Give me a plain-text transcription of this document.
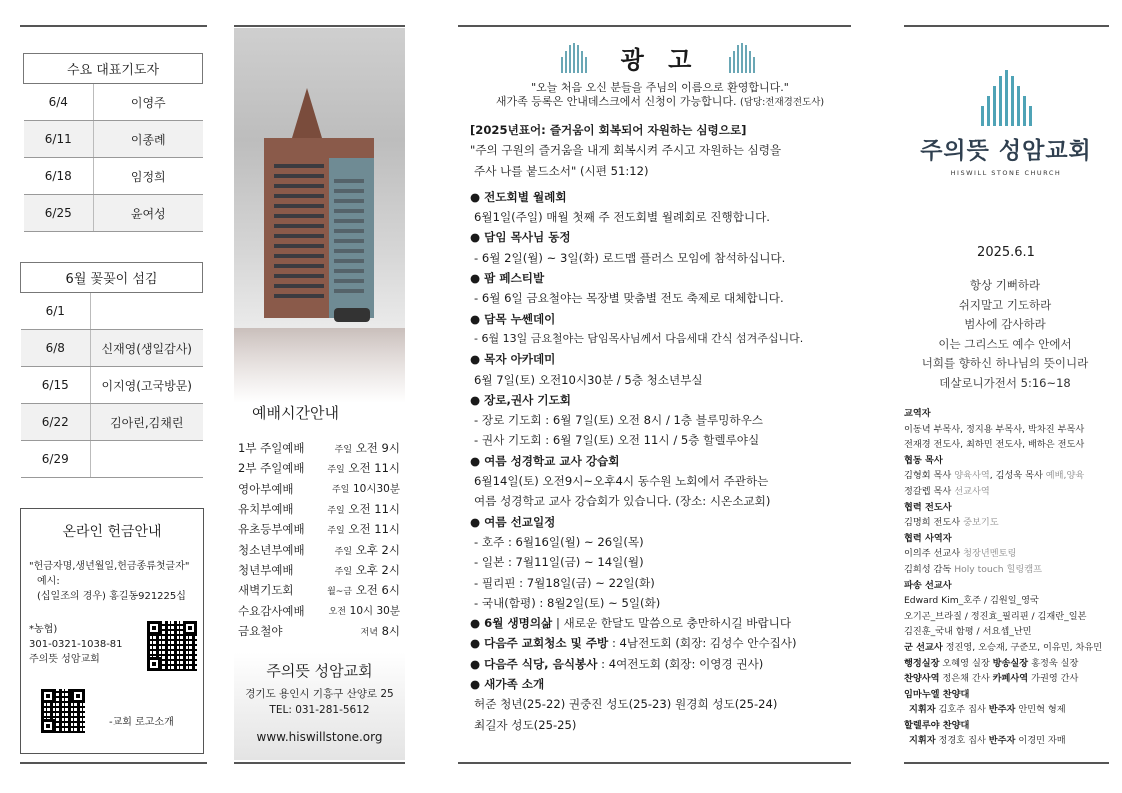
수요 대표기도자	
6/4	이영주
6/11	이종례
6/18	임정희
6/25	윤여성
6월 꽃꽂이 섬김	
6/1	
6/8	신재영(생일감사)
6/15	이지영(고국방문)
6/22	김아린,김채린
6/29	
온라인 헌금안내
"헌금자명,생년월일,헌금종류첫글자"
예시:
(십일조의 경우) 홍길동921225십
*농협)
301-0321-1038-81
주의뜻 성암교회
-교회 로고소개
예배시간안내
1부 주일예배	주일 오전 9시
2부 주일예배	주일 오전 11시
영아부예배	주일 10시30분
유치부예배	주일 오전 11시
유초등부예배	주일 오전 11시
청소년부예배	주일 오후 2시
청년부예배	주일 오후 2시
새벽기도회	월~금 오전 6시
수요감사예배	오전 10시 30분
금요철야	저녁 8시
주의뜻 성암교회
경기도 용인시 기흥구 산양로 25
TEL: 031-281-5612
www.hiswillstone.org
광 고
"오늘 처음 오신 분들을 주님의 이름으로 환영합니다."
새가족 등록은 안내데스크에서 신청이 가능합니다. (담당:전재경전도사)
[2025년표어: 즐거움이 회복되어 자원하는 심령으로]
"주의 구원의 즐거움을 내게 회복시켜 주시고 자원하는 심령을
주사 나를 붙드소서" (시편 51:12)
● 전도회별 월례회
6월1일(주일) 매월 첫째 주 전도회별 월례회로 진행합니다.
● 담임 목사님 동정
- 6월 2일(월) ~ 3일(화) 로드맵 플러스 모임에 참석하십니다.
● 팜 페스티발
- 6월 6일 금요철야는 목장별 맞춤별 전도 축제로 대체합니다.
● 담목 누쎈데이
- 6월 13일 금요철야는 담임목사님께서 다음세대 간식 섬겨주십니다.
● 목자 아카데미
6월 7일(토) 오전10시30분 / 5층 청소년부실
● 장로,권사 기도회
- 장로 기도회 : 6월 7일(토) 오전 8시 / 1층 블루밍하우스
- 권사 기도회 : 6월 7일(토) 오전 11시 / 5층 할렐루야실
● 여름 성경학교 교사 강습회
6월14일(토) 오전9시~오후4시 동수원 노회에서 주관하는
여름 성경학교 교사 강습회가 있습니다. (장소: 시온소교회)
● 여름 선교일정
- 호주 : 6월16일(월) ~ 26일(목)
- 일본 : 7월11일(금) ~ 14일(월)
- 필리핀 : 7월18일(금) ~ 22일(화)
- 국내(함평) : 8월2일(토) ~ 5일(화)
● 6월 생명의삶 | 새로운 한달도 말씀으로 충만하시길 바랍니다
● 다음주 교회청소 및 주방 : 4남전도회 (회장: 김성수 안수집사)
● 다음주 식당, 음식봉사 : 4여전도회 (회장: 이영경 권사)
● 새가족 소개
허준 청년(25-22) 권중진 성도(25-23) 원경희 성도(25-24)
최길자 성도(25-25)
주의뜻 성암교회
HISWILL STONE CHURCH
2025.6.1
항상 기뻐하라
쉬지말고 기도하라
범사에 감사하라
이는 그리스도 예수 안에서
너희를 향하신 하나님의 뜻이니라
데살로니가전서 5:16~18
교역자
이동녁 부목사, 정지용 부목사, 박차진 부목사
전재경 전도사, 최하민 전도사, 배하은 전도사
협동 목사
김형회 목사 양육사역, 김성욱 목사 예배,양육
정갈렙 목사 선교사역
협력 전도사
김명희 전도사 중보기도
협력 사역자
이의주 선교사 청장년멘토링
김희성 감독 Holy touch 힐링캠프
파송 선교사
Edward Kim_호주 / 김원일_영국
오기곤_브라질 / 정진효_필리핀 / 김재란_일본
김진훈_국내 함평 / 서요셉_난민
군 선교사 정진영, 오승재, 구준모, 이유민, 차유민
행정실장 오혜영 실장 방송실장 홍정욱 실장
찬양사역 정은채 간사 카페사역 가권영 간사
임마누엘 찬양대
지휘자 김호주 집사 반주자 안민혁 형제
할렐루야 찬양대
지휘자 정경호 집사 반주자 이경민 자매
